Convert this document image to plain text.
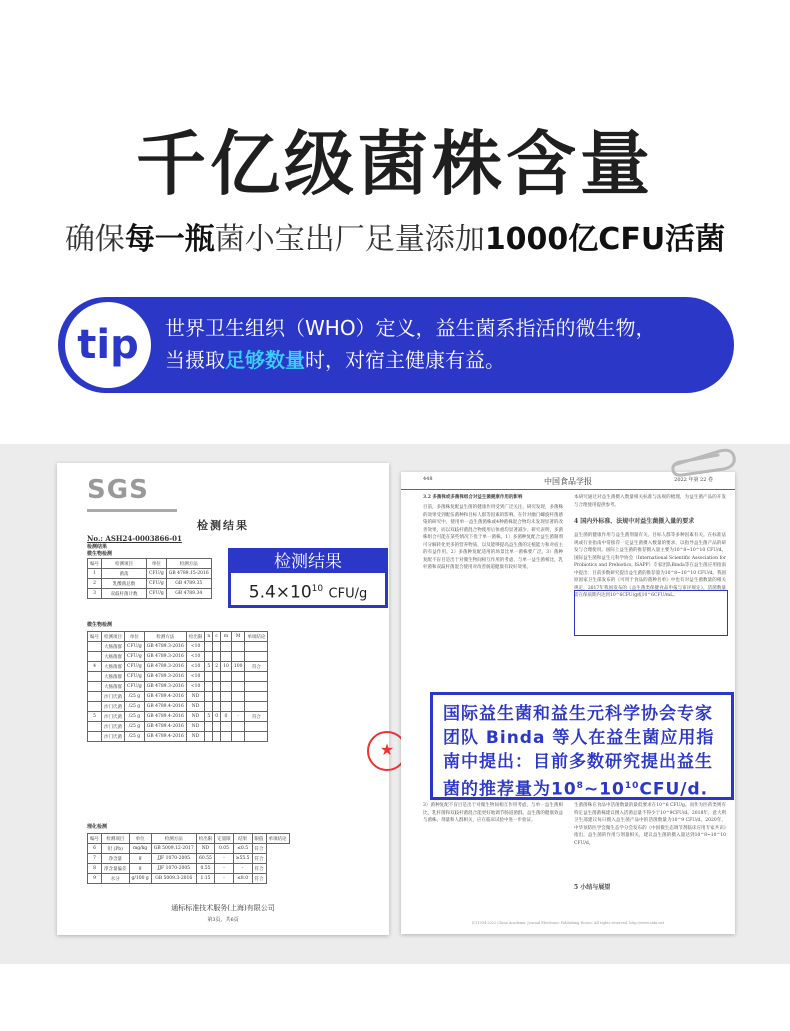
千亿级菌株含量
确保每一瓶菌小宝出厂足量添加1000亿CFU活菌
tip	世界卫生组织（WHO）定义，益生菌系指活的微生物，
当摄取足够数量时，对宿主健康有益。
SGS
检测结果
No.: ASH24-0003866-01
检测结果
微生物检测
编号	检测项目	单位	检测方法
1	菌落	CFU/g	GB 4789.15-2016
2	乳酸菌总数	CFU/g	GB 4789.35
3	双歧杆菌计数	CFU/g	GB 4789.34
微生物检测
编号	检测项目	单位	检测方法	检出限	n	c	m	M	单项结论
	大肠菌群	CFU/g	GB 4789.3-2016	<10					
	大肠菌群	CFU/g	GB 4789.3-2016	<10					
4	大肠菌群	CFU/g	GB 4789.3-2016	<10	5	2	10	100	符合
	大肠菌群	CFU/g	GB 4789.3-2016	<10					
	大肠菌群	CFU/g	GB 4789.3-2016	<10					
	沙门氏菌	/25 g	GB 4789.4-2016	ND					
	沙门氏菌	/25 g	GB 4789.4-2016	ND					
5	沙门氏菌	/25 g	GB 4789.4-2016	ND	5	0	0	-	符合
	沙门氏菌	/25 g	GB 4789.4-2016	ND					
	沙门氏菌	/25 g	GB 4789.4-2016	ND					
理化检测
编号	检测项目	单位	检测方法	检出限	定量限	结果	限值	单项结论
6	铅 (Pb)	mg/kg	GB 5009.12-2017	ND	0.05	≤0.5	符合	
7	净含量	g	JJF 1070-2005	60.55	-	≥55.5	符合	
8	净含量偏差	g	JJF 1070-2005	0.55	-	-	符合	
9	水分	g/100 g	GB 5009.3-2016	1.15	-	≤8.0	符合	
★
通标标准技术服务(上海)有限公司
第3页，共6页
检测结果
$5.4\times 10^{10}$ CFU/g
448	中国食品学报	2022 年第 22 卷
3.2 多菌株或多菌株组合对益生菌健康作用的影响
目前，多菌株复配益生菌的健康作用受到广泛关注。研究发现，多菌株的效果受到配伍菌种和目标人群等因素的影响。在针对幽门螺旋杆菌感染的研究中，使用单一益生菌菌株或4种菌株混合物均未发现显著的改善效果，而以双歧杆菌混合物使用后体重均显著减少。研究表明，多菌株组合可能在某些情况下优于单一菌株。1）多菌种复配合益生菌制剂可分解转化更多的营养物质，以及能够提高益生菌的定植能力和对宿主的有益作用。2）多菌种复配适用的场景比单一菌株要广泛。3）菌种复配不盲目是出于对微生物间相互作用的考虑，与单一益生菌相比，乳杆菌和双歧杆菌混合使用对改善肠道健康有较好效果。
本研究通过对益生菌摄入数量相关标准与法规的梳理，为益生菌产品的开发与合理使用提供参考。
4 国内外标准、法规中对益生菌摄入量的要求
益生菌的健康作用与益生菌剂量有关。目标人群等多种因素有关。在标准法规或行业指南中常推荐一定益生菌摄入数量的要求，以指导益生菌产品的研发与合理使用。国际上益生菌的推荐摄入量主要为10^8~10^10 CFU/d。国际益生菌和益生元科学协会（International Scientific Association for Probiotics and Prebiotics, ISAPP）专家团队Binda等在益生菌应用指南中提出：目前多数研究提出益生菌的推荐量为10^8~10^10 CFU/d。我国原国家卫生部发布的《可用于食品的菌种名单》中也有对益生菌数量的相关规定，2017年我国发布的《益生菌类保健食品申报与审评规定》，活菌数量需在保质期内达到10^6CFU/g或10^6CFU/mL。
3）菌种复配不盲目是出于对微生物间相互作用考虑，与单一益生菌相比，乳杆菌和双歧杆菌混合能更好地调节肠道菌群。益生菌的健康效益与菌株、剂量和人群相关，应在临床试验中进一步验证。
生菌菌株在食品中活菌数量的最低要求在10^6 CFU/g。而作为医药类则有特定益生菌菌株建议摄入活菌总量不得少于10^9CFU/d。2018年，意大利卫生部建议每日摄入益生菌产品中的活菌数量为10^9 CFU/d。2020年，中华预防医学会微生态学分会发布的《中国微生态调节剂临床应用专家共识》指出，益生菌的作用与剂量相关，建议益生菌的摄入量达到10^8~10^10 CFU/d。
5 小结与展望
(C)1994-2022 China Academic Journal Electronic Publishing House. All rights reserved. http://www.cnki.net
国际益生菌和益生元科学协会专家
团队 Binda 等人在益生菌应用指
南中提出：目前多数研究提出益生
菌的推荐量为$10^8\sim 10^{10}CFU/d$.
